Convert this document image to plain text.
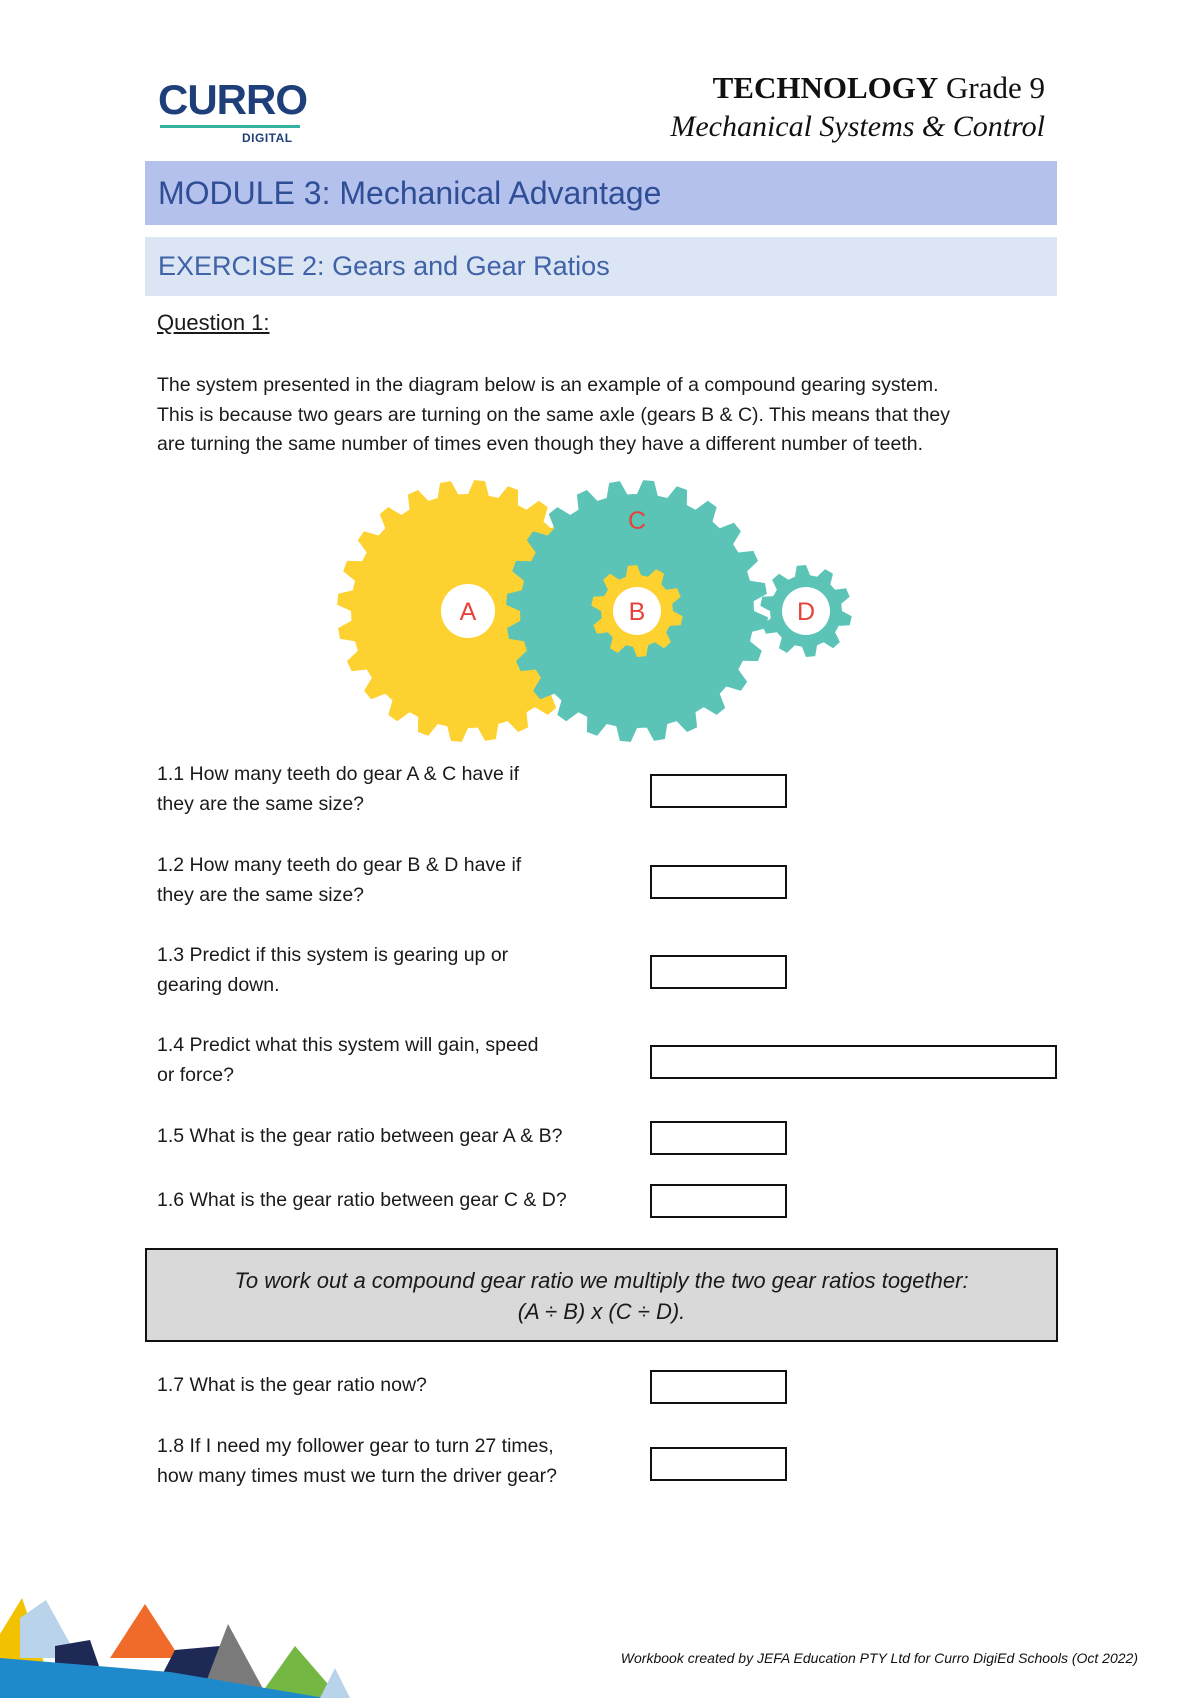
CURRO
DIGITAL
TECHNOLOGY Grade 9
Mechanical Systems & Control
MODULE 3: Mechanical Advantage
EXERCISE 2: Gears and Gear Ratios
Question 1:
The system presented in the diagram below is an example of a compound gearing system.
This is because two gears are turning on the same axle (gears B & C). This means that they
are turning the same number of times even though they have a different number of teeth.
A
C
B	D
1.1 How many teeth do gear A & C have if
they are the same size?
1.2 How many teeth do gear B & D have if
they are the same size?
1.3 Predict if this system is gearing up or
gearing down.
1.4 Predict what this system will gain, speed
or force?
1.5 What is the gear ratio between gear A & B?
1.6 What is the gear ratio between gear C & D?
To work out a compound gear ratio we multiply the two gear ratios together:
(A ÷ B) x (C ÷ D).
1.7 What is the gear ratio now?
1.8 If I need my follower gear to turn 27 times,
how many times must we turn the driver gear?
Workbook created by JEFA Education PTY Ltd for Curro DigiEd Schools (Oct 2022)
